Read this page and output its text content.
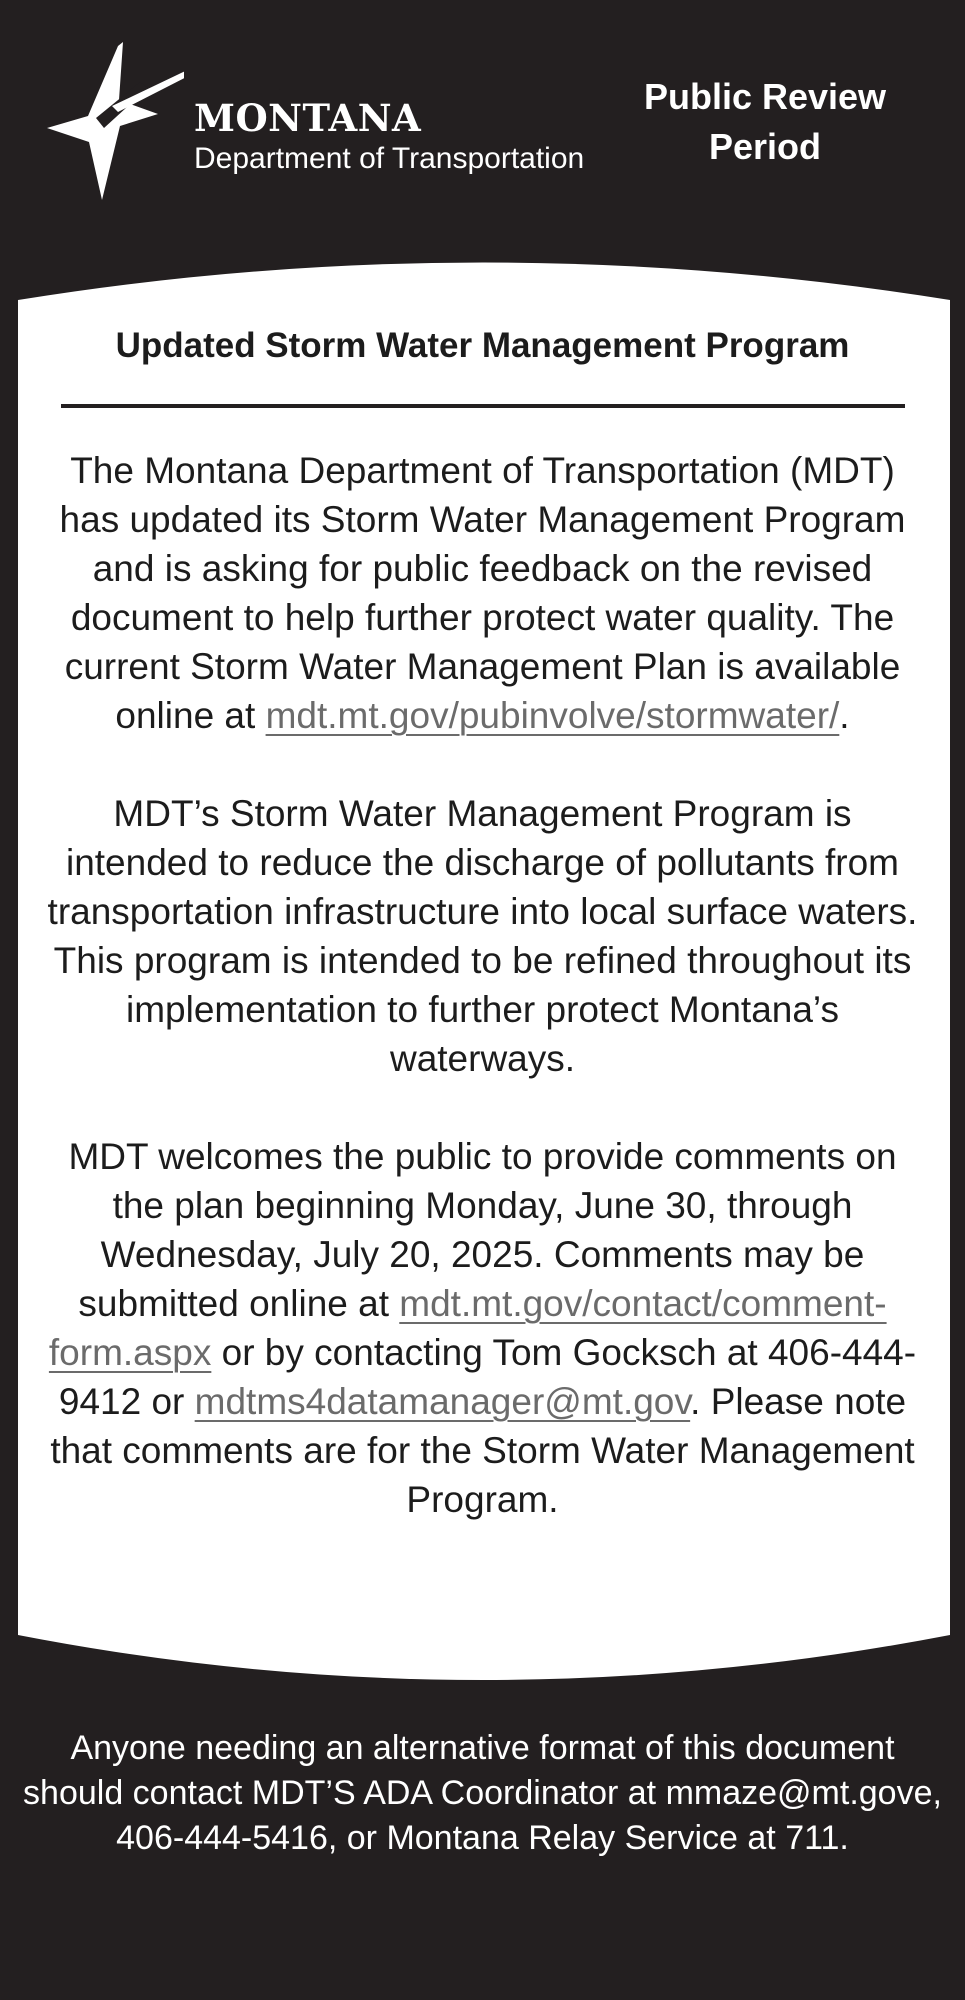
MONTANA
Department of Transportation
Public Review
Period
Updated Storm Water Management Program

The Montana Department of Transportation (MDT) has updated its Storm Water Management Program and is asking for public feedback on the revised document to help further protect water quality. The current Storm Water Management Plan is available online at mdt.mt.gov/pubinvolve/stormwater/.

MDT’s Storm Water Management Program is intended to reduce the discharge of pollutants from transportation infrastructure into local surface waters. This program is intended to be refined throughout its implementation to further protect Montana’s waterways.

MDT welcomes the public to provide comments on the plan beginning Monday, June 30, through Wednesday, July 20, 2025. Comments may be submitted online at mdt.mt.gov/contact/comment-form.aspx or by contacting Tom Gocksch at 406-444-9412 or mdtms4datamanager@mt.gov. Please note that comments are for the Storm Water Management Program.

Anyone needing an alternative format of this document should contact MDT’S ADA Coordinator at mmaze@mt.gove, 406-444-5416, or Montana Relay Service at 711.
